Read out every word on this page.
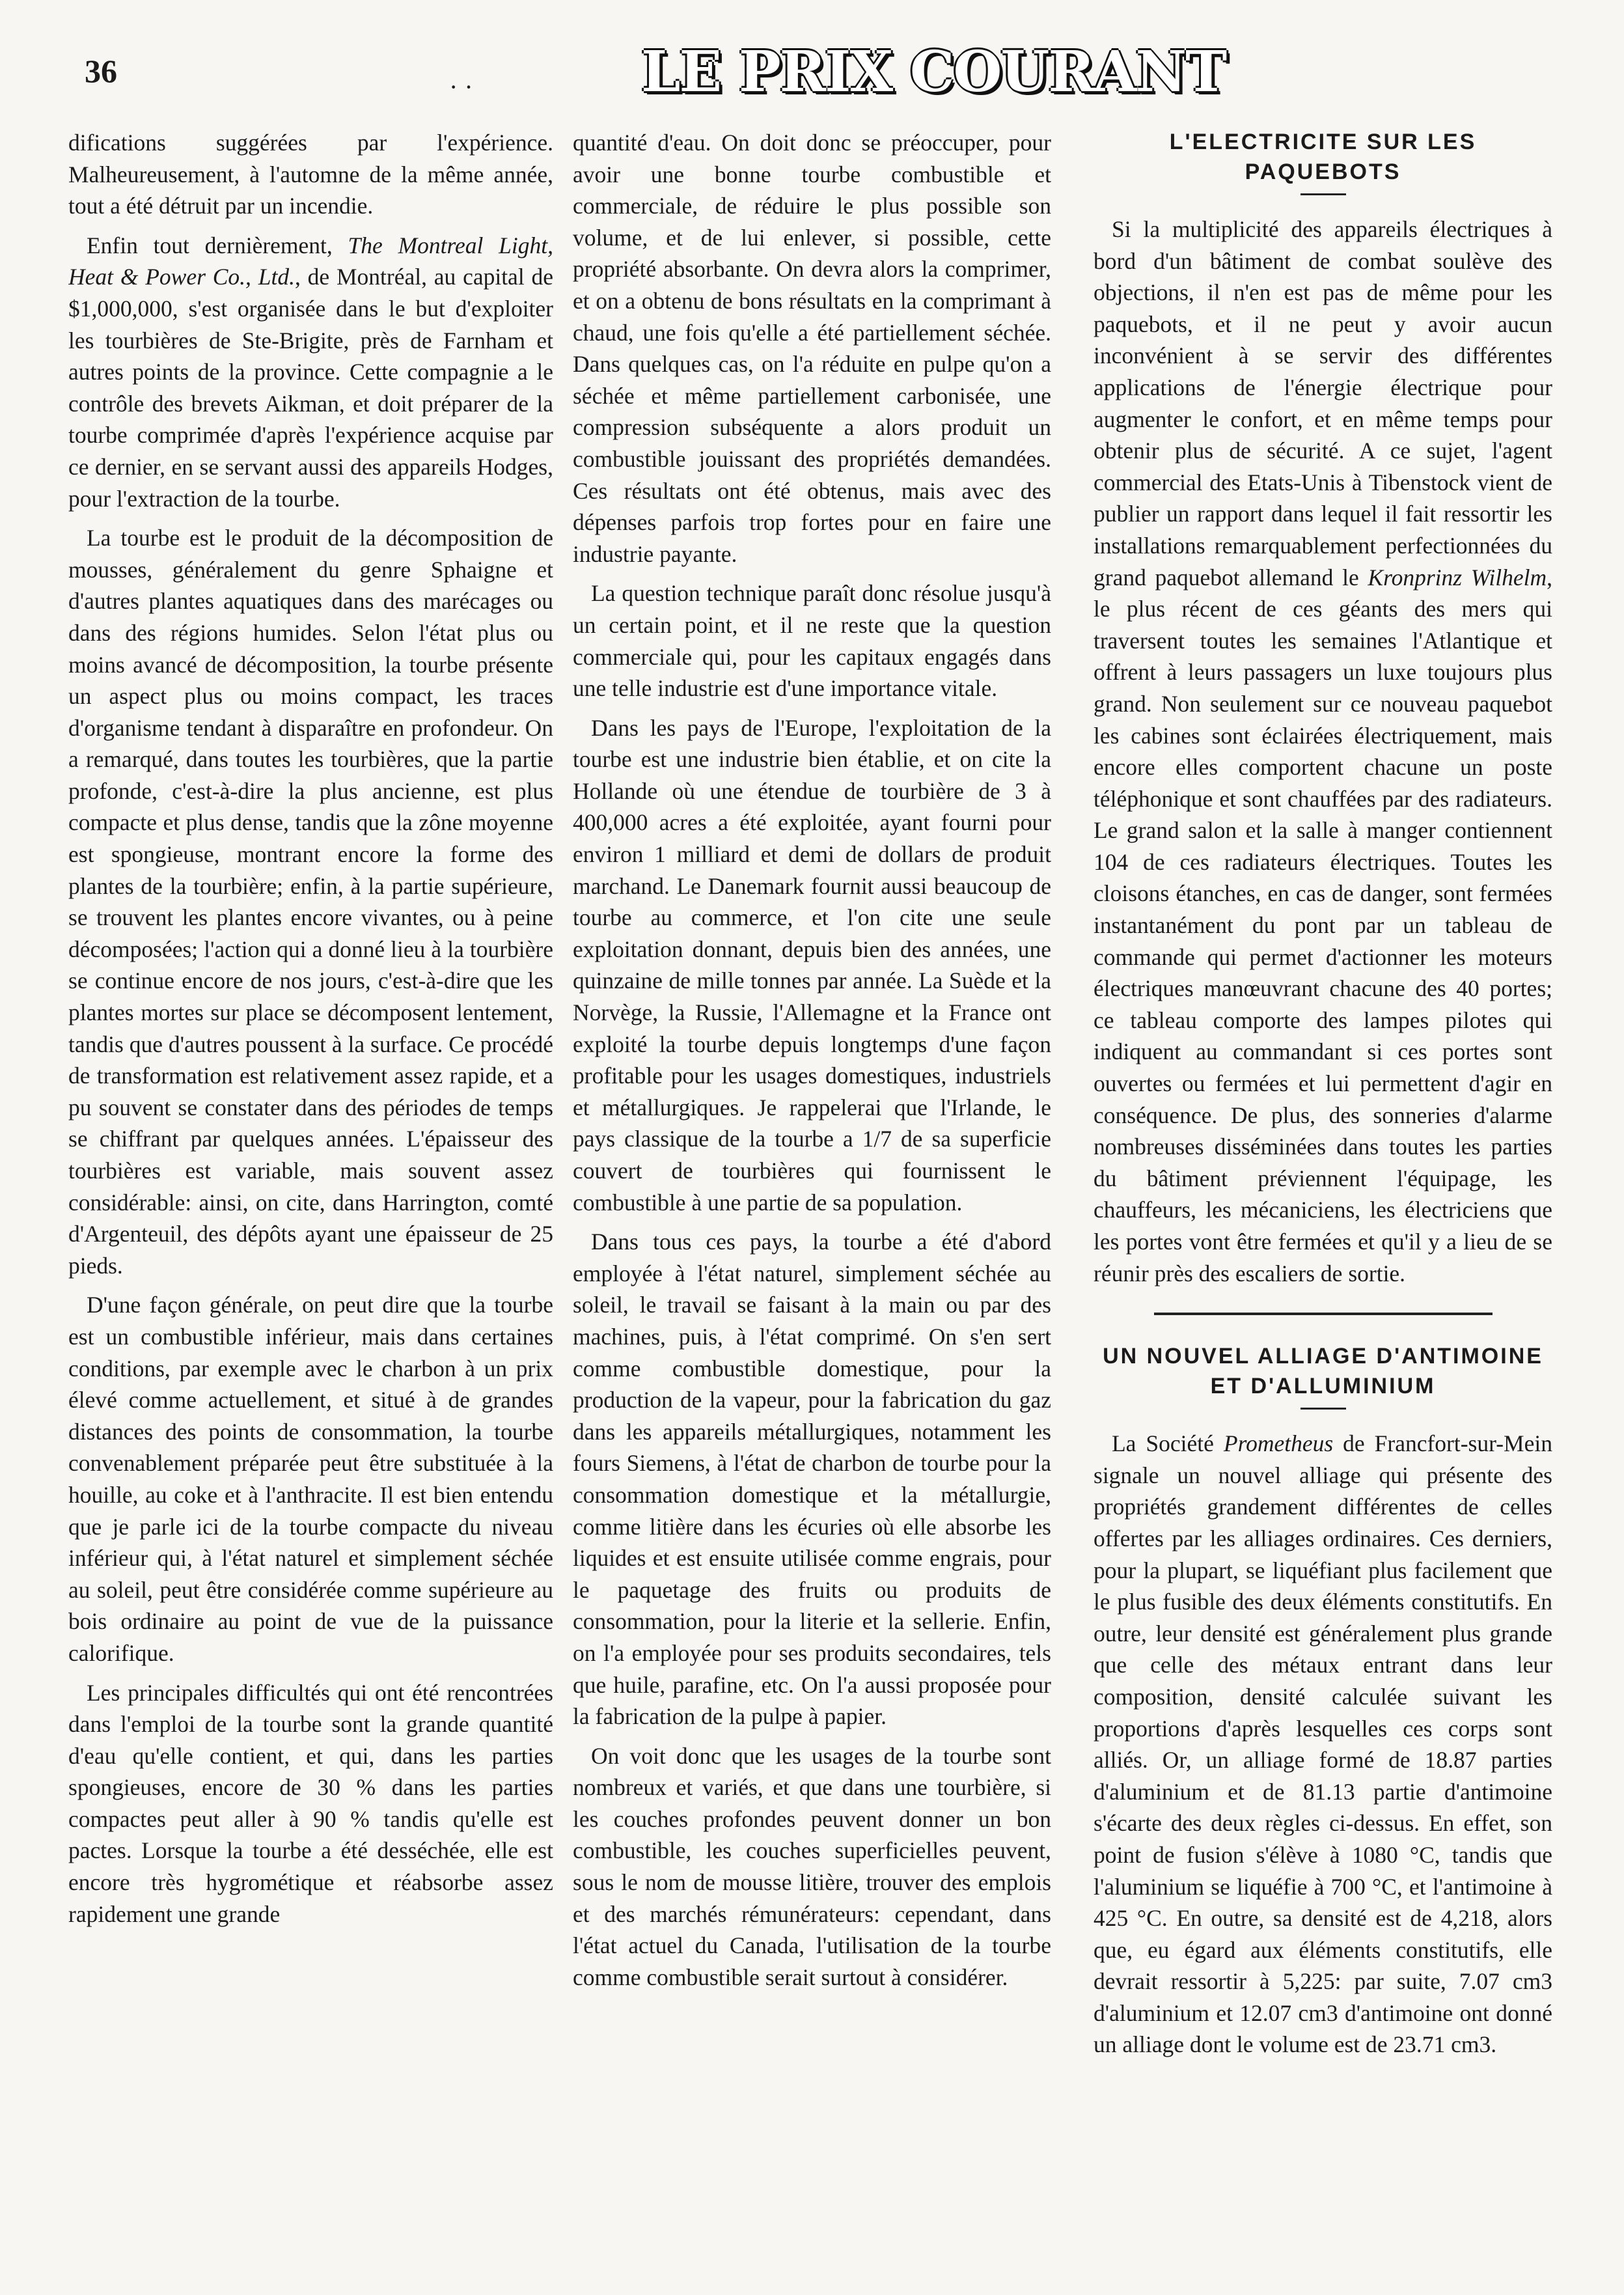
36	· ·	LE PRIX COURANT

difications suggérées par l'expérience. Malheureusement, à l'automne de la même année, tout a été détruit par un incendie.

Enfin tout dernièrement, The Montreal Light, Heat & Power Co., Ltd., de Montréal, au capital de $1,000,000, s'est organisée dans le but d'exploiter les tourbières de Ste-Brigite, près de Farnham et autres points de la province. Cette compagnie a le contrôle des brevets Aikman, et doit préparer de la tourbe comprimée d'après l'expérience acquise par ce dernier, en se servant aussi des appareils Hodges, pour l'extraction de la tourbe.

La tourbe est le produit de la décomposition de mousses, généralement du genre Sphaigne et d'autres plantes aquatiques dans des marécages ou dans des régions humides. Selon l'état plus ou moins avancé de décomposition, la tourbe présente un aspect plus ou moins compact, les traces d'organisme tendant à disparaître en profondeur. On a remarqué, dans toutes les tourbières, que la partie profonde, c'est-à-dire la plus ancienne, est plus compacte et plus dense, tandis que la zône moyenne est spongieuse, montrant encore la forme des plantes de la tourbière; enfin, à la partie supérieure, se trouvent les plantes encore vivantes, ou à peine décomposées; l'action qui a donné lieu à la tourbière se continue encore de nos jours, c'est-à-dire que les plantes mortes sur place se décomposent lentement, tandis que d'autres poussent à la surface. Ce procédé de transformation est relativement assez rapide, et a pu souvent se constater dans des périodes de temps se chiffrant par quelques années. L'épaisseur des tourbières est variable, mais souvent assez considérable: ainsi, on cite, dans Harrington, comté d'Argenteuil, des dépôts ayant une épaisseur de 25 pieds.

D'une façon générale, on peut dire que la tourbe est un combustible inférieur, mais dans certaines conditions, par exemple avec le charbon à un prix élevé comme actuellement, et situé à de grandes distances des points de consommation, la tourbe convenablement préparée peut être substituée à la houille, au coke et à l'anthracite. Il est bien entendu que je parle ici de la tourbe compacte du niveau inférieur qui, à l'état naturel et simplement séchée au soleil, peut être considérée comme supérieure au bois ordinaire au point de vue de la puissance calorifique.

Les principales difficultés qui ont été rencontrées dans l'emploi de la tourbe sont la grande quantité d'eau qu'elle contient, et qui, dans les parties spongieuses, encore de 30 % dans les parties compactes peut aller à 90 % tandis qu'elle est pactes. Lorsque la tourbe a été desséchée, elle est encore très hygrométique et réabsorbe assez rapidement une grande

quantité d'eau. On doit donc se préoccuper, pour avoir une bonne tourbe combustible et commerciale, de réduire le plus possible son volume, et de lui enlever, si possible, cette propriété absorbante. On devra alors la comprimer, et on a obtenu de bons résultats en la comprimant à chaud, une fois qu'elle a été partiellement séchée. Dans quelques cas, on l'a réduite en pulpe qu'on a séchée et même partiellement carbonisée, une compression subséquente a alors produit un combustible jouissant des propriétés demandées. Ces résultats ont été obtenus, mais avec des dépenses parfois trop fortes pour en faire une industrie payante.

La question technique paraît donc résolue jusqu'à un certain point, et il ne reste que la question commerciale qui, pour les capitaux engagés dans une telle industrie est d'une importance vitale.

Dans les pays de l'Europe, l'exploitation de la tourbe est une industrie bien établie, et on cite la Hollande où une étendue de tourbière de 3 à 400,000 acres a été exploitée, ayant fourni pour environ 1 milliard et demi de dollars de produit marchand. Le Danemark fournit aussi beaucoup de tourbe au commerce, et l'on cite une seule exploitation donnant, depuis bien des années, une quinzaine de mille tonnes par année. La Suède et la Norvège, la Russie, l'Allemagne et la France ont exploité la tourbe depuis longtemps d'une façon profitable pour les usages domestiques, industriels et métallurgiques. Je rappelerai que l'Irlande, le pays classique de la tourbe a 1/7 de sa superficie couvert de tourbières qui fournissent le combustible à une partie de sa population.

Dans tous ces pays, la tourbe a été d'abord employée à l'état naturel, simplement séchée au soleil, le travail se faisant à la main ou par des machines, puis, à l'état comprimé. On s'en sert comme combustible domestique, pour la production de la vapeur, pour la fabrication du gaz dans les appareils métallurgiques, notamment les fours Siemens, à l'état de charbon de tourbe pour la consommation domestique et la métallurgie, comme litière dans les écuries où elle absorbe les liquides et est ensuite utilisée comme engrais, pour le paquetage des fruits ou produits de consommation, pour la literie et la sellerie. Enfin, on l'a employée pour ses produits secondaires, tels que huile, parafine, etc. On l'a aussi proposée pour la fabrication de la pulpe à papier.

On voit donc que les usages de la tourbe sont nombreux et variés, et que dans une tourbière, si les couches profondes peuvent donner un bon combustible, les couches superficielles peuvent, sous le nom de mousse litière, trouver des emplois et des marchés rémunérateurs: cependant, dans l'état actuel du Canada, l'utilisation de la tourbe comme combustible serait surtout à considérer.

L'ELECTRICITE SUR LES PAQUEBOTS

Si la multiplicité des appareils électriques à bord d'un bâtiment de combat soulève des objections, il n'en est pas de même pour les paquebots, et il ne peut y avoir aucun inconvénient à se servir des différentes applications de l'énergie électrique pour augmenter le confort, et en même temps pour obtenir plus de sécurité. A ce sujet, l'agent commercial des Etats-Unis à Tibenstock vient de publier un rapport dans lequel il fait ressortir les installations remarquablement perfectionnées du grand paquebot allemand le Kronprinz Wilhelm, le plus récent de ces géants des mers qui traversent toutes les semaines l'Atlantique et offrent à leurs passagers un luxe toujours plus grand. Non seulement sur ce nouveau paquebot les cabines sont éclairées électriquement, mais encore elles comportent chacune un poste téléphonique et sont chauffées par des radiateurs. Le grand salon et la salle à manger contiennent 104 de ces radiateurs électriques. Toutes les cloisons étanches, en cas de danger, sont fermées instantanément du pont par un tableau de commande qui permet d'actionner les moteurs électriques manœuvrant chacune des 40 portes; ce tableau comporte des lampes pilotes qui indiquent au commandant si ces portes sont ouvertes ou fermées et lui permettent d'agir en conséquence. De plus, des sonneries d'alarme nombreuses disséminées dans toutes les parties du bâtiment préviennent l'équipage, les chauffeurs, les mécaniciens, les électriciens que les portes vont être fermées et qu'il y a lieu de se réunir près des escaliers de sortie.

UN NOUVEL ALLIAGE D'ANTIMOINE ET D'ALLUMINIUM

La Société Prometheus de Francfort-sur-Mein signale un nouvel alliage qui présente des propriétés grandement différentes de celles offertes par les alliages ordinaires. Ces derniers, pour la plupart, se liquéfiant plus facilement que le plus fusible des deux éléments constitutifs. En outre, leur densité est généralement plus grande que celle des métaux entrant dans leur composition, densité calculée suivant les proportions d'après lesquelles ces corps sont alliés. Or, un alliage formé de 18.87 parties d'aluminium et de 81.13 partie d'antimoine s'écarte des deux règles ci-dessus. En effet, son point de fusion s'élève à 1080 °C, tandis que l'aluminium se liquéfie à 700 °C, et l'antimoine à 425 °C. En outre, sa densité est de 4,218, alors que, eu égard aux éléments constitutifs, elle devrait ressortir à 5,225: par suite, 7.07 cm3 d'aluminium et 12.07 cm3 d'antimoine ont donné un alliage dont le volume est de 23.71 cm3.
